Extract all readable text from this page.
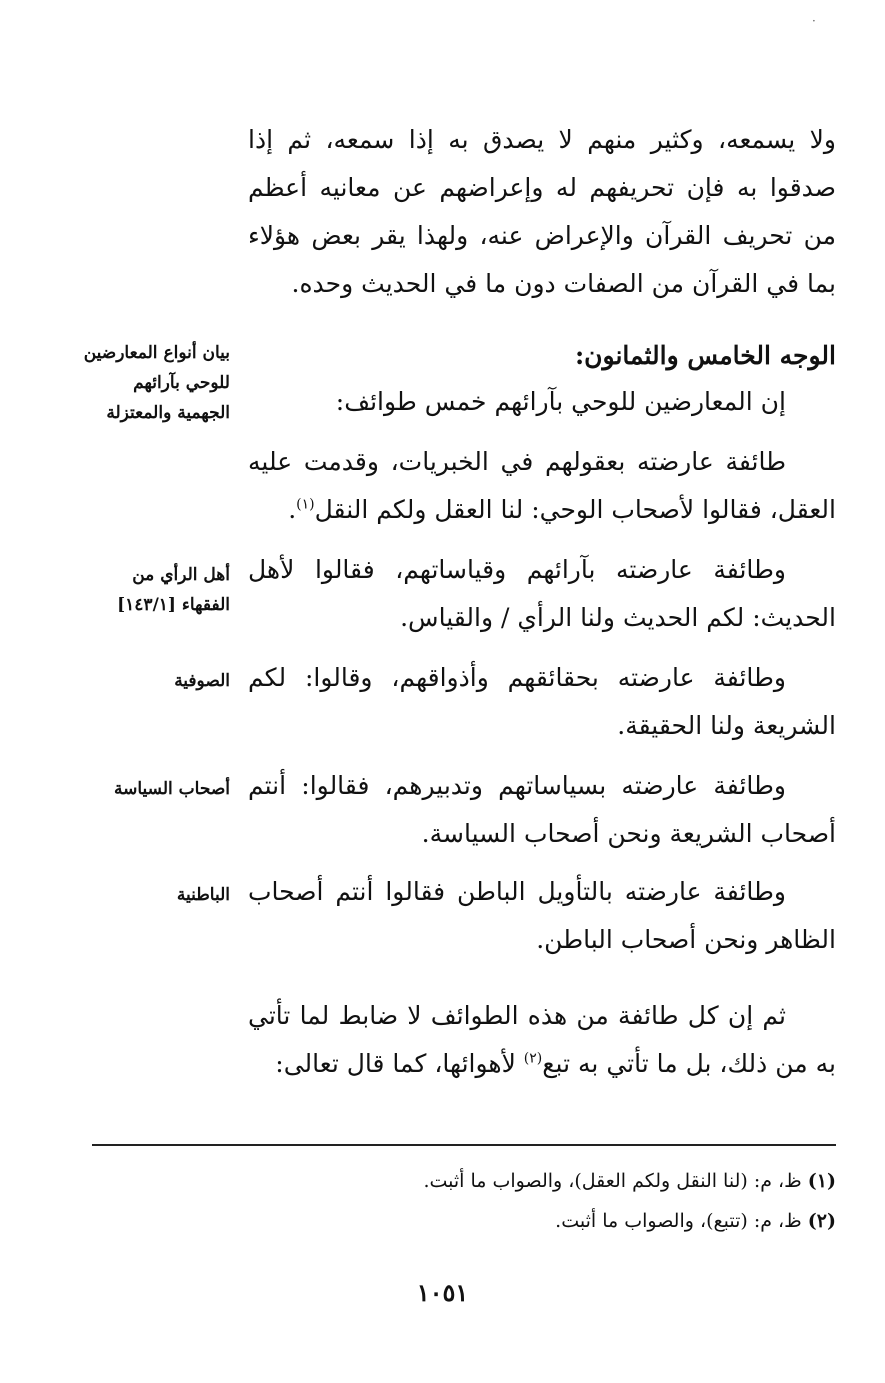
·
ولا يسمعه، وكثير منهم لا يصدق به إذا سمعه، ثم إذا صدقوا به فإن تحريفهم له وإعراضهم عن معانيه أعظم من تحريف القرآن والإعراض عنه، ولهذا يقر بعض هؤلاء بما في القرآن من الصفات دون ما في الحديث وحده.
الوجه الخامس والثمانون:
إن المعارضين للوحي بآرائهم خمس طوائف:
طائفة عارضته بعقولهم في الخبريات، وقدمت عليه العقل، فقالوا لأصحاب الوحي: لنا العقل ولكم النقل$^{(١)}$.
وطائفة عارضته بآرائهم وقياساتهم، فقالوا لأهل الحديث: لكم الحديث ولنا الرأي / والقياس.
وطائفة عارضته بحقائقهم وأذواقهم، وقالوا: لكم الشريعة ولنا الحقيقة.
وطائفة عارضته بسياساتهم وتدبيرهم، فقالوا: أنتم أصحاب الشريعة ونحن أصحاب السياسة.
وطائفة عارضته بالتأويل الباطن فقالوا أنتم أصحاب الظاهر ونحن أصحاب الباطن.
ثم إن كل طائفة من هذه الطوائف لا ضابط لما تأتي به من ذلك، بل ما تأتي به تبع$^{(٢)}$ لأهوائها، كما قال تعالى:
بيان أنواع المعارضين للوحي بآرائهم الجهمية والمعتزلة
أهل الرأي من الفقهاء [١٤٣/١]
الصوفية
أصحاب السياسة
الباطنية
(١) ظ، م: (لنا النقل ولكم العقل)، والصواب ما أثبت.
(٢) ظ، م: (تتبع)، والصواب ما أثبت.
١٠٥١
